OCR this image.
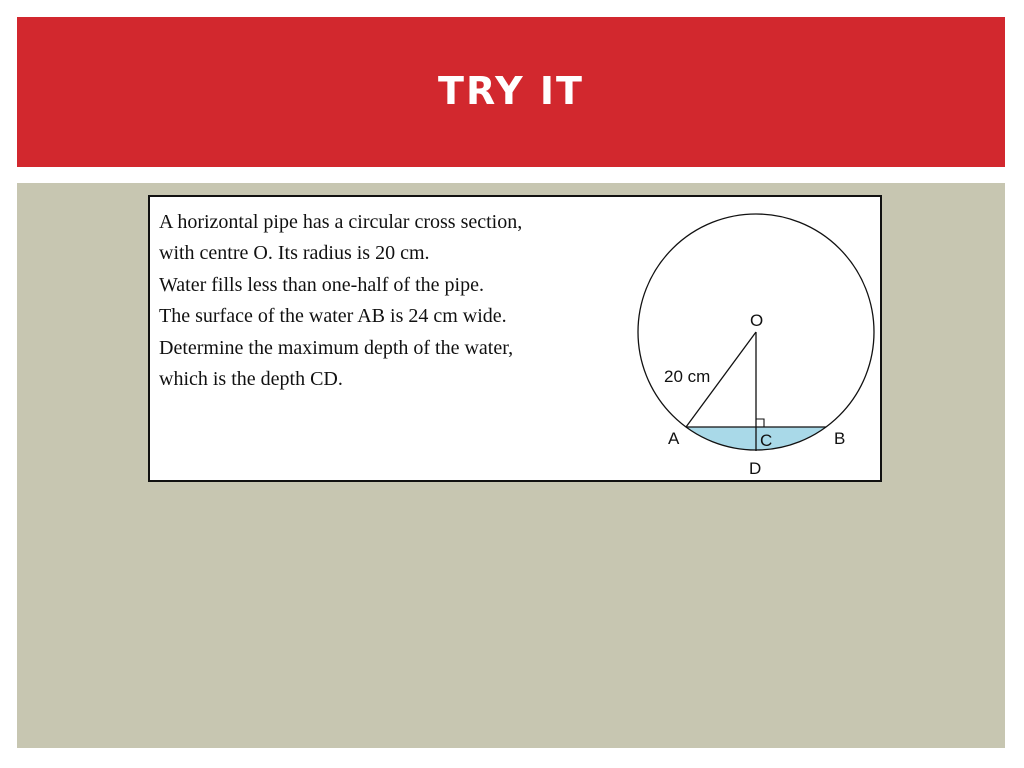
TRY IT
A horizontal pipe has a circular cross section,
with centre O. Its radius is 20 cm.
Water fills less than one-half of the pipe.
The surface of the water AB is 24 cm wide.
Determine the maximum depth of the water,
which is the depth CD.
O
20 cm
A	C	B
D
